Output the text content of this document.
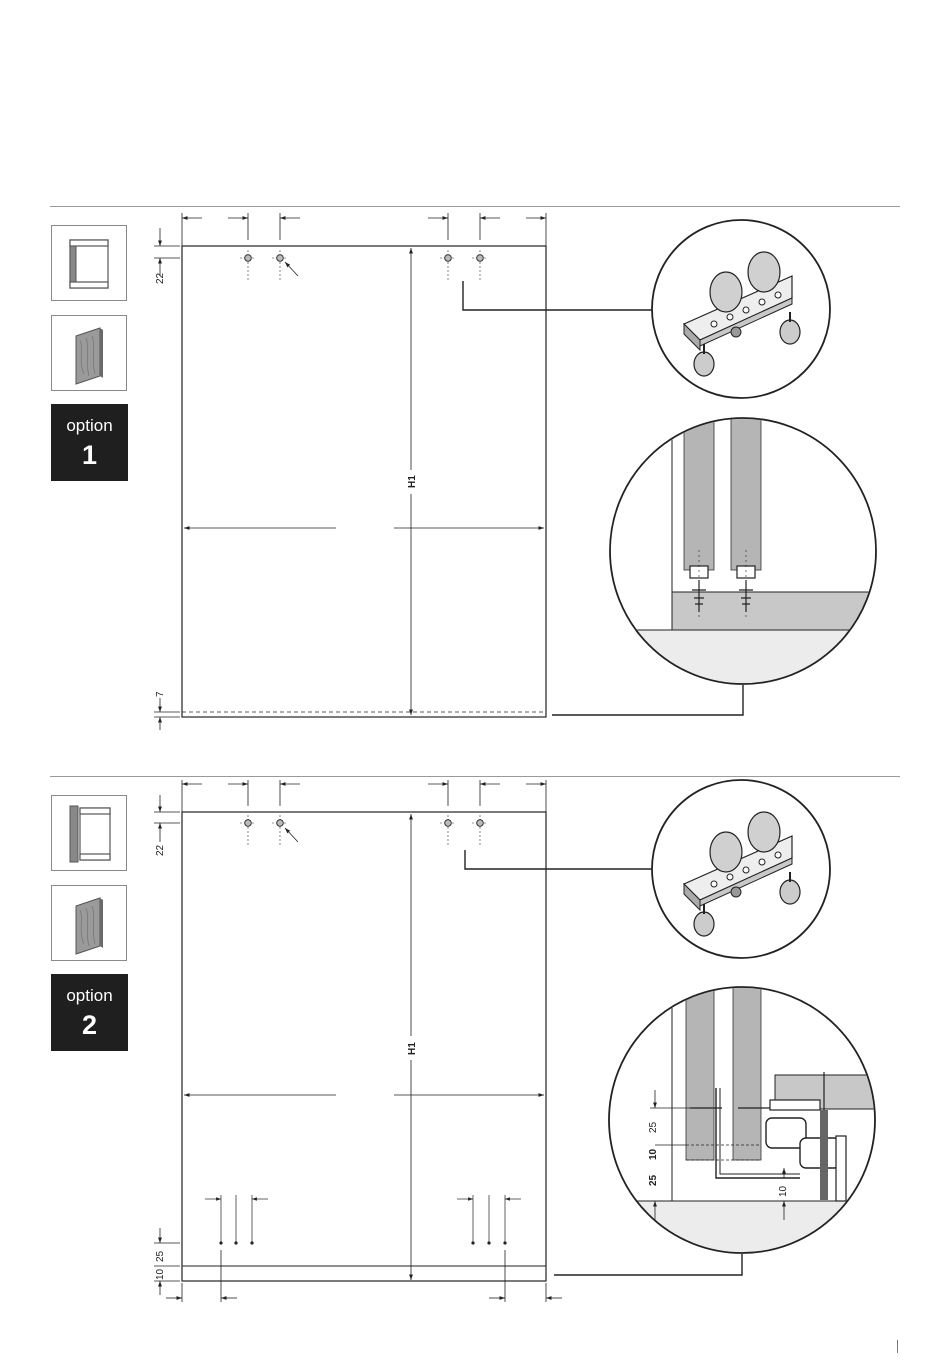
option
1
option
2
22
7
H1
22
H1
25
10
25
10
25
10
